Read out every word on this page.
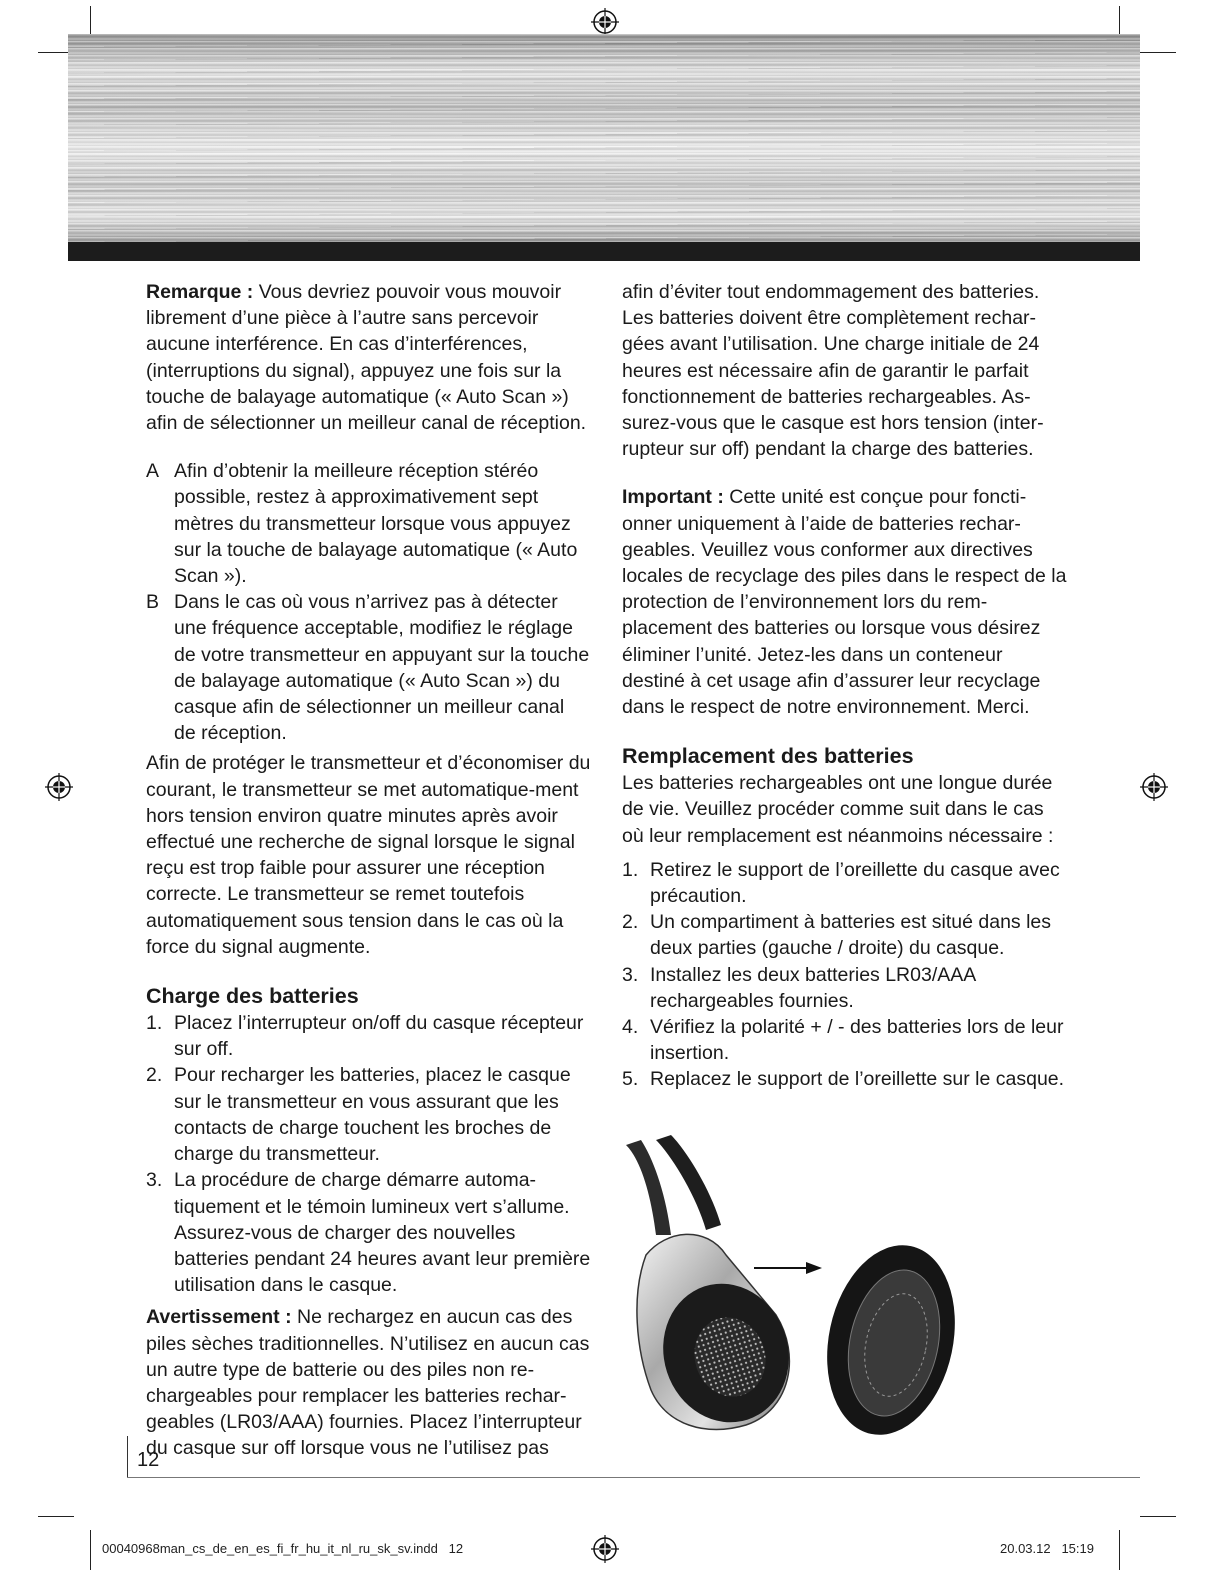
Remarque : Vous devriez pouvoir vous mouvoir librement d’une pièce à l’autre sans percevoir aucune interférence. En cas d’interférences, (interruptions du signal), appuyez une fois sur la touche de balayage automatique (« Auto Scan ») afin de sélectionner un meilleur canal de réception.

A Afin d’obtenir la meilleure réception stéréo possible, restez à approximativement sept mètres du transmetteur lorsque vous appuyez sur la touche de balayage automatique (« Auto Scan »).
B Dans le cas où vous n’arrivez pas à détecter une fréquence acceptable, modifiez le réglage de votre transmetteur en appuyant sur la touche de balayage automatique (« Auto Scan ») du casque afin de sélectionner un meilleur canal de réception.

Afin de protéger le transmetteur et d’économiser du courant, le transmetteur se met automatique-ment hors tension environ quatre minutes après avoir effectué une recherche de signal lorsque le signal reçu est trop faible pour assurer une réception correcte. Le transmetteur se remet toutefois automatiquement sous tension dans le cas où la force du signal augmente.

Charge des batteries
1. Placez l’interrupteur on/off du casque récepteur sur off.
2. Pour recharger les batteries, placez le casque sur le transmetteur en vous assurant que les contacts de charge touchent les broches de charge du transmetteur.
3. La procédure de charge démarre automa-tiquement et le témoin lumineux vert s’allume. Assurez-vous de charger des nouvelles batteries pendant 24 heures avant leur première utilisation dans le casque.

Avertissement : Ne rechargez en aucun cas des piles sèches traditionnelles. N’utilisez en aucun cas un autre type de batterie ou des piles non re-chargeables pour remplacer les batteries rechar-geables (LR03/AAA) fournies. Placez l’interrupteur du casque sur off lorsque vous ne l’utilisez pas

afin d’éviter tout endommagement des batteries. Les batteries doivent être complètement rechar-gées avant l’utilisation. Une charge initiale de 24 heures est nécessaire afin de garantir le parfait fonctionnement de batteries rechargeables. As-surez-vous que le casque est hors tension (inter-rupteur sur off) pendant la charge des batteries.

Important : Cette unité est conçue pour foncti-onner uniquement à l’aide de batteries rechar-geables. Veuillez vous conformer aux directives locales de recyclage des piles dans le respect de la protection de l’environnement lors du rem-placement des batteries ou lorsque vous désirez éliminer l’unité. Jetez-les dans un conteneur destiné à cet usage afin d’assurer leur recyclage dans le respect de notre environnement. Merci.

Remplacement des batteries

Les batteries rechargeables ont une longue durée de vie. Veuillez procéder comme suit dans le cas où leur remplacement est néanmoins nécessaire :

1. Retirez le support de l’oreillette du casque avec précaution.
2. Un compartiment à batteries est situé dans les deux parties (gauche / droite) du casque.
3. Installez les deux batteries LR03/AAA rechargeables fournies.
4. Vérifiez la polarité + / - des batteries lors de leur insertion.
5. Replacez le support de l’oreillette sur le casque.
12
00040968man_cs_de_en_es_fi_fr_hu_it_nl_ru_sk_sv.indd   12	20.03.12   15:19
